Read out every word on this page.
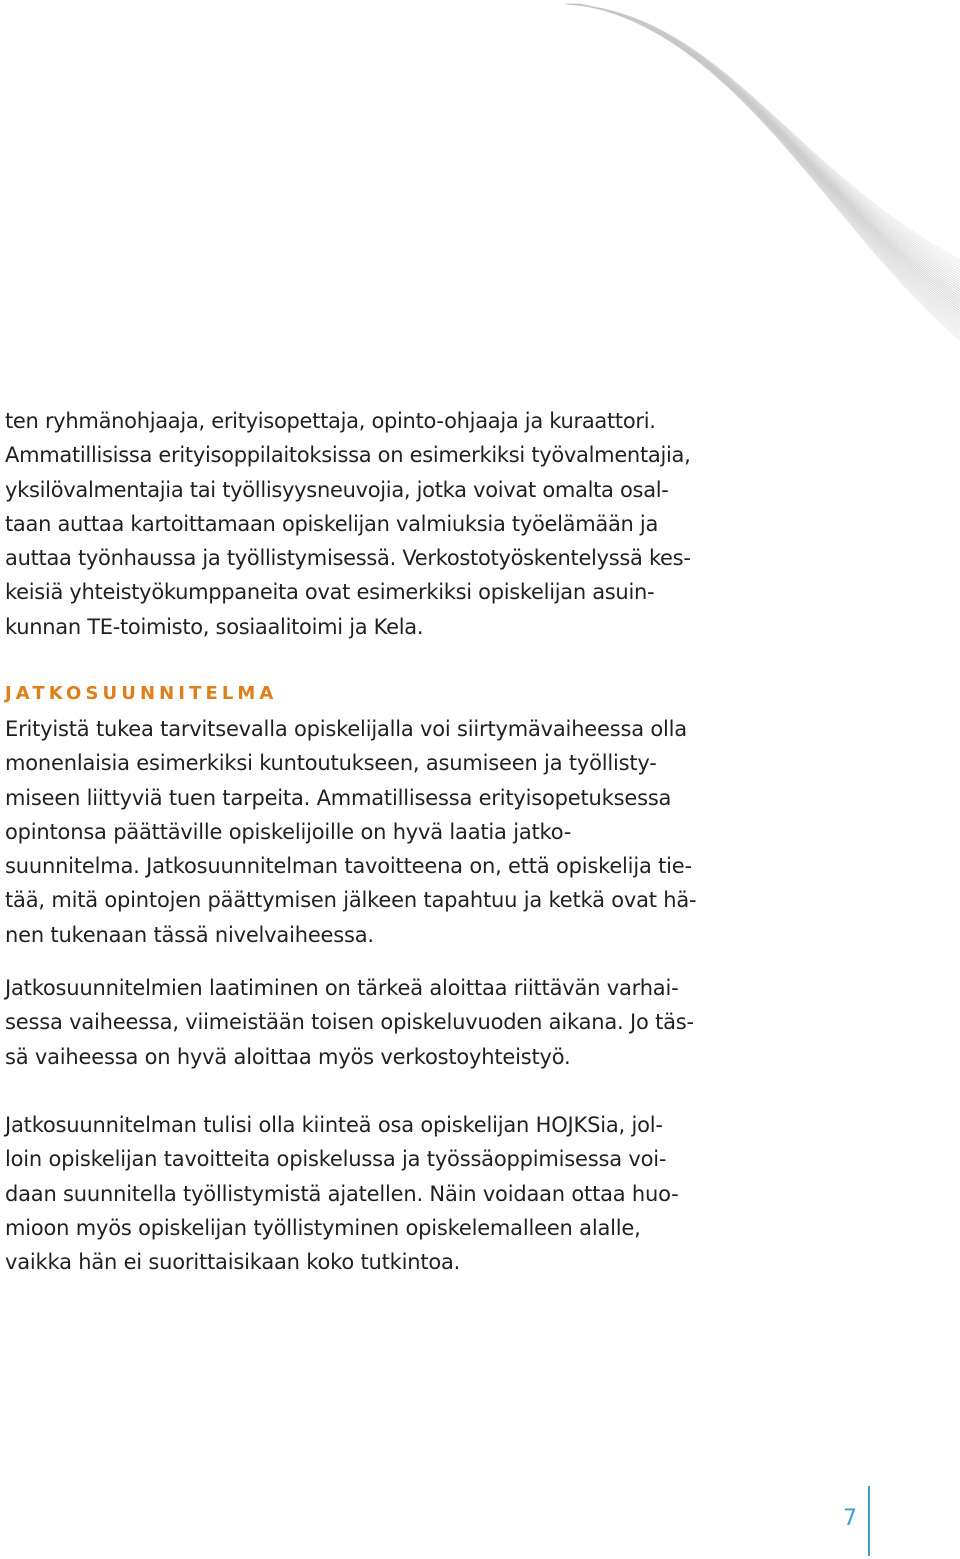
ten ryhmänohjaaja, erityisopettaja, opinto-ohjaaja ja kuraattori.
Ammatillisissa erityisoppilaitoksissa on esimerkiksi työvalmentajia,
yksilövalmentajia tai työllisyysneuvojia, jotka voivat omalta osal-
taan auttaa kartoittamaan opiskelijan valmiuksia työelämään ja
auttaa työnhaussa ja työllistymisessä. Verkostotyöskentelyssä kes-
keisiä yhteistyökumppaneita ovat esimerkiksi opiskelijan asuin-
kunnan TE-toimisto, sosiaalitoimi ja Kela.
JATKOSUUNNITELMA
Erityistä tukea tarvitsevalla opiskelijalla voi siirtymävaiheessa olla
monenlaisia esimerkiksi kuntoutukseen, asumiseen ja työllisty-
miseen liittyviä tuen tarpeita. Ammatillisessa erityisopetuksessa
opintonsa päättäville opiskelijoille on hyvä laatia jatko-
suunnitelma. Jatkosuunnitelman tavoitteena on, että opiskelija tie-
tää, mitä opintojen päättymisen jälkeen tapahtuu ja ketkä ovat hä-
nen tukenaan tässä nivelvaiheessa.
Jatkosuunnitelmien laatiminen on tärkeä aloittaa riittävän varhai-
sessa vaiheessa, viimeistään toisen opiskeluvuoden aikana. Jo täs-
sä vaiheessa on hyvä aloittaa myös verkostoyhteistyö.
Jatkosuunnitelman tulisi olla kiinteä osa opiskelijan HOJKSia, jol-
loin opiskelijan tavoitteita opiskelussa ja työssäoppimisessa voi-
daan suunnitella työllistymistä ajatellen. Näin voidaan ottaa huo-
mioon myös opiskelijan työllistyminen opiskelemalleen alalle,
vaikka hän ei suorittaisikaan koko tutkintoa.
7
